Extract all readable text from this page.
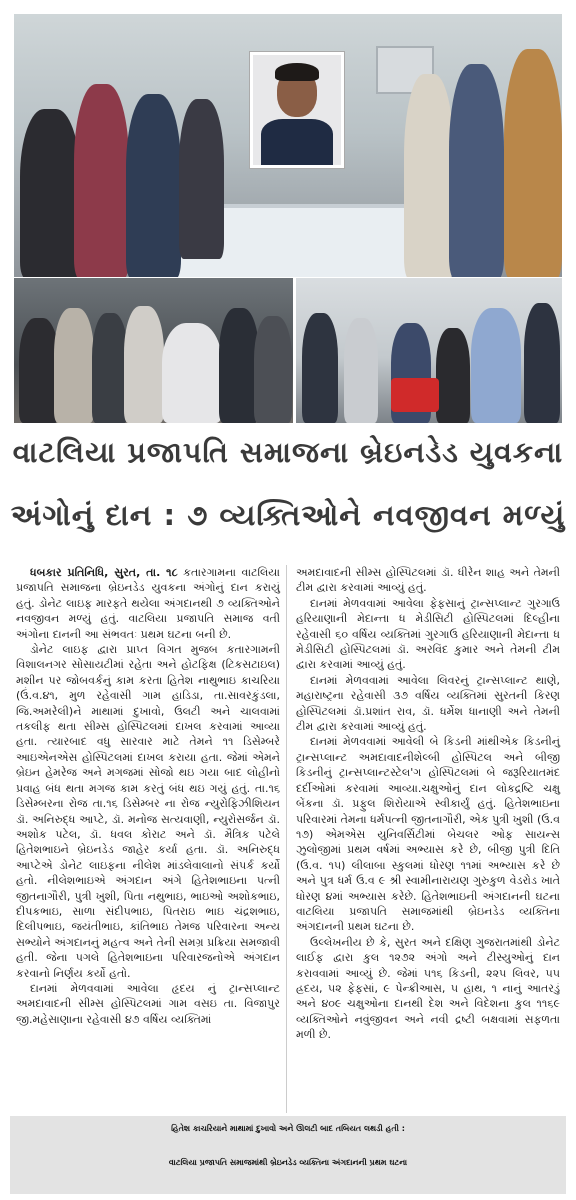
વાટલિયા પ્રજાપતિ સમાજના બ્રેઇનડેડ યુવકના
અંગોનું દાન : ૭ વ્યક્તિઓને નવજીવન મળ્યું

ધબકાર પ્રતિનિધિ, સુરત, તા. ૧૮ કતારગામના વાટલિયા પ્રજાપતિ સમાજના બ્રેઇનડેડ યુવકના અંગોનું દાન કરાયું હતું. ડોનેટ લાઇફ મારફતે થયેલા અંગદાનથી ૭ વ્યક્તિઓને નવજીવન મળ્યું હતું. વાટલિયા પ્રજાપતિ સમાજ વતી અંગોના દાનની આ સંભવતઃ પ્રથમ ઘટના બની છે.

ડોનેટ લાઇફ દ્વારા પ્રાપ્ત વિગત મુજબ કતારગામની વિશાલનગર સોસાયટીમાં રહેતા અને હોટફિક્ષ (ટિકસટાઇલ) મશીન પર જોબવર્કનું કામ કરતા હિતેશ નાથુભાઇ કાચરિયા (ઉં.વ.૪૧, મુળ રહેવાસી ગામ હાડિડા, તા.સાવરકુંડલા, જિ.અમરેલી)ને માથામાં દુખાવો, ઉલટી અને ચાલવામાં તકલીફ થતા સીમ્સ હોસ્પિટલમાં દાખલ કરવામાં આવ્યા હતા. ત્યારબાદ વધુ સારવાર માટે તેમને ૧૧ ડિસેમ્બરે આઇએનએસ હોસ્પિટલમાં દાખલ કરાયા હતા. જેમાં એમને બ્રેઇન હેમરેજ અને મગજમાં સોજો થઇ ગયા બાદ લોહીનો પ્રવાહ બંધ થતા મગજ કામ કરતું બંધ થઇ ગયું હતું. તા.૧૬ ડિસેમ્બરના રોજ તા.૧૬ ડિસેમ્બર ના રોજ ન્યુરોફિઝીશિયન ડૉ. અનિરુદ્ધ આપ્ટે, ડૉ. મનોજ સત્યવાણી, ન્યુરોસર્જન ડૉ. અશોક પટેલ, ડૉ. ધવલ કોરાટ અને ડૉ. મૈત્રિક પટેલે હિતેશભાઇને બ્રેઇનડેડ જાહેર કર્યા હતા. ડૉ. અનિરુદ્ધ આપ્ટેએ ડોનેટ લાઇફના નીલેશ માંડલેવાલાનો સંપર્ક કર્યો હતો. નીલેશભાઇએ અંગદાન અંગે હિતેશભાઇના પત્ની જીતનાગૌરી, પુત્રી ખુશી, પિતા નથુભાઇ, ભાઇઓ અશોકભાઇ, દીપકભાઇ, સાળા સંદીપભાઇ, પિતરાઇ ભાઇ ચંદ્રશભાઇ, દિલીપભાઇ, જયંતીભાઇ, કાંતિભાઇ તેમજ પરિવારના અન્ય સભ્યોને અંગદાનનું મહત્વ અને તેની સમગ્ર પ્રક્રિયા સમજાવી હતી. જેના પગલે હિતેશભાઇના પરિવારજનોએ અંગદાન કરવાનો નિર્ણય કર્યો હતો.

દાનમાં મેળવવામાં આવેલા હૃદય નું ટ્રાન્સપ્લાન્ટ અમદાવાદની સીમ્સ હોસ્પિટલમાં ગામ વસઇ તા. વિજાપુર જી.મહેસાણાના રહેવાસી ૪૭ વર્ષિય વ્યક્તિમાં

અમદાવાદની સીમ્સ હોસ્પિટલમાં ડૉ. ધીરેન શાહ અને તેમની ટીમ દ્વારા કરવામાં આવ્યું હતું.

દાનમાં મેળવવામાં આવેલા ફેફસાનું ટ્રાન્સપ્લાન્ટ ગુરગાઉ હરિયાણાની મેદાન્તા ધ મેડીસિટી હોસ્પિટલમાં દિલ્હીના રહેવાસી ૬૦ વર્ષિય વ્યક્તિમાં ગુરગાઉ હરિયાણાની મેદાન્તા ધ મેડીસિટી હોસ્પિટલમાં ડૉ. અરવિંદ કુમાર અને તેમની ટીમ દ્વારા કરવામાં આવ્યું હતું.

દાનમાં મેળવવામાં આવેલા લિવરનું ટ્રાન્સપ્લાન્ટ થાણે, મહારાષ્ટ્રના રહેવાસી ૩૭ વર્ષિય વ્યક્તિમાં સુરતની કિરણ હોસ્પિટલમાં ડૉ.પ્રશાંત રાવ, ડૉ. ધર્મેશ ધાનાણી અને તેમની ટીમ દ્વારા કરવામાં આવ્યું હતું.

દાનમાં મેળવવામાં આવેલી બે કિડની માંથીએક કિડનીનું ટ્રાન્સપ્લાન્ટ અમદાવાદનીશેલ્બી હોસ્પિટલ અને બીજી કિડનીનું ટ્રાન્સપ્લાન્ટસ્ટેલ'ગ હોસ્પિટલમાં બે જરૂરિયાતમંદ દર્દીઓમાં કરવામાં આવ્યા.ચક્ષુઓનું દાન લોકદ્રષ્ટિ ચક્ષુ બેંકના ડૉ. પ્રફુલ શિરોયાએ સ્વીકાર્યું હતું. હિતેશભાઇના પરિવારમાં તેમના ધર્મપત્ની જીતનાગૌરી, એક પુત્રી ખુશી (ઉ.વ ૧૭) એમએસ યુનિવર્સિટીમાં બેચલર ઓફ સાયન્સ ઝુલોજીમાં પ્રથમ વર્ષમાં અભ્યાસ કરે છે, બીજી પુત્રી દિતિ (ઉ.વ. ૧૫) લીલાબા સ્કુલમાં ધોરણ ૧૧માં અભ્યાસ કરે છે અને પુત્ર ધર્મ ઉ.વ ૯ શ્રી સ્વામીનારાયણ ગુરુકુળ વેડરોડ ખાતે ધોરણ ૪માં અભ્યાસ કરેછે. હિતેશભાઇની અંગદાનની ઘટના વાટલિયા પ્રજાપતિ સમાજમાંથી બ્રેઇનડેડ વ્યક્તિના અંગદાનની પ્રથમ ઘટના છે.

ઉલ્લેખનીય છે કે, સુરત અને દક્ષિણ ગુજરાતમાંથી ડોનેટ લાઈફ દ્વારા કુલ ૧૨૭૨ અંગો અને ટીસ્યુઓનું દાન કરાવવામાં આવ્યું છે. જેમાં ૫૧૬ કિડની, ૨૨૫ લિવર, ૫૫ હ્રદય, ૫૨ ફેફસાં, ૯ પેન્ક્રીઆસ, ૫ હાથ, ૧ નાનું આતરડું અને ૪૦૯ ચક્ષુઓના દાનથી દેશ અને વિદેશના કુલ ૧૧૬૯ વ્યક્તિઓને નવુંજીવન અને નવી દ્રષ્ટી બક્ષવામાં સફળતા મળી છે.

હિતેશ કાચરિયાને માથામાં દુખાવો અને ઊલટી બાદ તબિયત લથડી હતી :
વાટલિયા પ્રજાપતિ સમાજમાંથી બ્રેઇનડેડ વ્યક્તિના અંગદાનની પ્રથમ ઘટના
